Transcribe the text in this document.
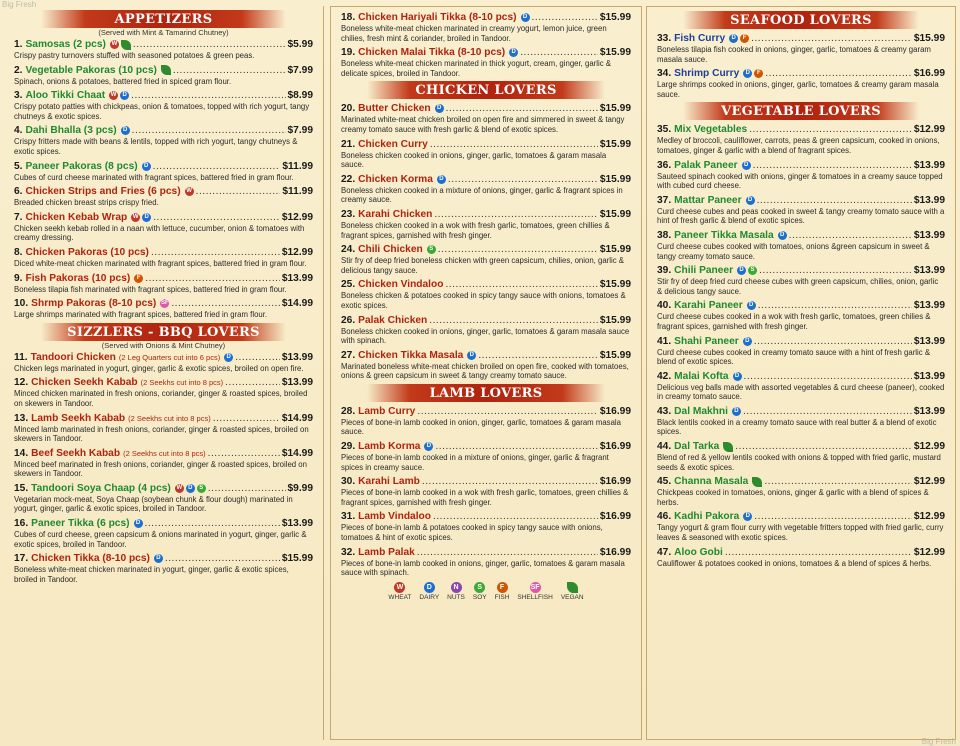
Big Fresh
Big Fresh
APPETIZERS
(Served with Mint & Tamarind Chutney)
1. Samosas (2 pcs) W .....	$5.99
Crispy pastry turnovers stuffed with seasoned potatoes & green peas.
2. Vegetable Pakoras (10 pcs) .....	$7.99
Spinach, onions & potatoes, battered fried in spiced gram flour.
3. Aloo Tikki Chaat W	D .....	$8.99
Crispy potato patties with chickpeas, onion & tomatoes, topped with rich yogurt, tangy chutneys & exotic spices.
4. Dahi Bhalla (3 pcs)	D .....	$7.99
Crispy fritters made with beans & lentils, topped with rich yogurt, tangy chutneys & exotic spices.
5. Paneer Pakoras (8 pcs)	D .....	$11.99
Cubes of curd cheese marinated with fragrant spices, battered fried in gram flour.
6. Chicken Strips and Fries (6 pcs) W .....	$11.99
Breaded chicken breast strips crispy fried.
7. Chicken Kebab Wrap W	D .....	$12.99
Chicken seekh kebab rolled in a naan with lettuce, cucumber, onion & tomatoes with creamy dressing.
8. Chicken Pakoras (10 pcs) .....	$12.99
Diced white-meat chicken marinated with fragrant spices, battered fried in gram flour.
9. Fish Pakoras (10 pcs)	F .....	$13.99
Boneless tilapia fish marinated with fragrant spices, battered fried in gram flour.
10. Shrmp Pakoras (8-10 pcs) SF .....	$14.99
Large shrimps marinated with fragrant spices, battered fried in gram flour.
SIZZLERS - BBQ LOVERS
(Served with Onions & Mint Chutney)
11. Tandoori Chicken (2 Leg Quarters cut into 6 pcs)	D .....	$13.99
Chicken legs marinated in yogurt, ginger, garlic & exotic spices, broiled on open fire.
12. Chicken Seekh Kabab (2 Seekhs cut into 8 pcs) .....	$13.99
Minced chicken marinated in fresh onions, coriander, ginger & roasted spices, broiled on skewers in Tandoor.
13. Lamb Seekh Kabab (2 Seekhs cut into 8 pcs) .....	$14.99
Minced lamb marinated in fresh onions, coriander, ginger & roasted spices, broiled on skewers in Tandoor.
14. Beef Seekh Kabab (2 Seekhs cut into 8 pcs) .....	$14.99
Minced beef marinated in fresh onions, coriander, ginger & roasted spices, broiled on skewers in Tandoor.
15. Tandoori Soya Chaap (4 pcs) W	D	S .....	$9.99
Vegetarian mock-meat, Soya Chaap (soybean chunk & flour dough) marinated in yogurt, ginger, garlic & exotic spices, broiled in Tandoor.
16. Paneer Tikka (6 pcs)	D .....	$13.99
Cubes of curd cheese, green capsicum & onions marinated in yogurt, ginger, garlic & exotic spices, broiled in Tandoor.
17. Chicken Tikka (8-10 pcs)	D .....	$15.99
Boneless white-meat chicken marinated in yogurt, ginger, garlic & exotic spices, broiled in Tandoor.
18. Chicken Hariyali Tikka (8-10 pcs)	D .....	$15.99
Boneless white-meat chicken marinated in creamy yogurt, lemon juice, green chilies, fresh mint & coriander, broiled in Tandoor.
19. Chicken Malai Tikka (8-10 pcs)	D .....	$15.99
Boneless white-meat chicken marinated in thick yogurt, cream, ginger, garlic & delicate spices, broiled in Tandoor.
CHICKEN LOVERS
20. Butter Chicken	D .....	$15.99
Marinated white-meat chicken broiled on open fire and simmered in sweet & tangy creamy tomato sauce with fresh garlic & blend of exotic spices.
21. Chicken Curry .....	$15.99
Boneless chicken cooked in onions, ginger, garlic, tomatoes & garam masala sauce.
22. Chicken Korma	D .....	$15.99
Boneless chicken cooked in a mixture of onions, ginger, garlic & fragrant spices in creamy sauce.
23. Karahi Chicken .....	$15.99
Boneless chicken cooked in a wok with fresh garlic, tomatoes, green chillies & fragrant spices, garnished with fresh ginger.
24. Chili Chicken	S .....	$15.99
Stir fry of deep fried boneless chicken with green capsicum, chilies, onion, garlic & delicious tangy sauce.
25. Chicken Vindaloo .....	$15.99
Boneless chicken & potatoes cooked in spicy tangy sauce with onions, tomatoes & exotic spices.
26. Palak Chicken .....	$15.99
Boneless chicken cooked in onions, ginger, garlic, tomatoes & garam masala sauce with spinach.
27. Chicken Tikka Masala	D .....	$15.99
Marinated boneless white-meat chicken broiled on open fire, cooked with tomatoes, onions & green capsicum in sweet & tangy creamy tomato sauce.
LAMB LOVERS
28. Lamb Curry .....	$16.99
Pieces of bone-in lamb cooked in onion, ginger, garlic, tomatoes & garam masala sauce.
29. Lamb Korma	D .....	$16.99
Pieces of bone-in lamb cooked in a mixture of onions, ginger, garlic & fragrant spices in creamy sauce.
30. Karahi Lamb .....	$16.99
Pieces of bone-in lamb cooked in a wok with fresh garlic, tomatoes, green chillies & fragrant spices, garnished with fresh ginger.
31. Lamb Vindaloo .....	$16.99
Pieces of bone-in lamb & potatoes cooked in spicy tangy sauce with onions, tomatoes & hint of exotic spices.
32. Lamb Palak .....	$16.99
Pieces of bone-in lamb cooked in onions, ginger, garlic, tomatoes & garam masala sauce with spinach.
W
WHEAT
D
DAIRY
N
NUTS
S
SOY
F
FISH
SF
SHELLFISH VEGAN
SEAFOOD LOVERS
33. Fish Curry	D	F .....	$15.99
Boneless tilapia fish cooked in onions, ginger, garlic, tomatoes & creamy garam masala sauce.
34. Shrimp Curry	D	F .....	$16.99
Large shrimps cooked in onions, ginger, garlic, tomatoes & creamy garam masala sauce.
VEGETABLE LOVERS
35. Mix Vegetables .....	$12.99
Medley of broccoli, cauliflower, carrots, peas & green capsicum, cooked in onions, tomatoes, ginger & garlic with a blend of fragrant spices.
36. Palak Paneer	D .....	$13.99
Sauteed spinach cooked with onions, ginger & tomatoes in a creamy sauce topped with cubed curd cheese.
37. Mattar Paneer	D .....	$13.99
Curd cheese cubes and peas cooked in sweet & tangy creamy tomato sauce with a hint of fresh garlic & blend of exotic spices.
38. Paneer Tikka Masala	D .....	$13.99
Curd cheese cubes cooked with tomatoes, onions &green capsicum in sweet & tangy creamy tomato sauce.
39. Chili Paneer	D	S .....	$13.99
Stir fry of deep fried curd cheese cubes with green capsicum, chilies, onion, garlic & delicious tangy sauce.
40. Karahi Paneer	D .....	$13.99
Curd cheese cubes cooked in a wok with fresh garlic, tomatoes, green chilies & fragrant spices, garnished with fresh ginger.
41. Shahi Paneer	D .....	$13.99
Curd cheese cubes cooked in creamy tomato sauce with a hint of fresh garlic & blend of exotic spices.
42. Malai Kofta	D .....	$13.99
Delicious veg balls made with assorted vegetables & curd cheese (paneer), cooked in creamy tomato sauce.
43. Dal Makhni	D .....	$13.99
Black lentils cooked in a creamy tomato sauce with real butter & a blend of exotic spices.
44. Dal Tarka .....	$12.99
Blend of red & yellow lentils cooked with onions & topped with fried garlic, mustard seeds & exotic spices.
45. Channa Masala .....	$12.99
Chickpeas cooked in tomatoes, onions, ginger & garlic with a blend of spices & herbs.
46. Kadhi Pakora	D .....	$12.99
Tangy yogurt & gram flour curry with vegetable fritters topped with fried garlic, curry leaves & seasoned with exotic spices.
47. Aloo Gobi .....	$12.99
Cauliflower & potatoes cooked in onions, tomatoes & a blend of spices & herbs.
